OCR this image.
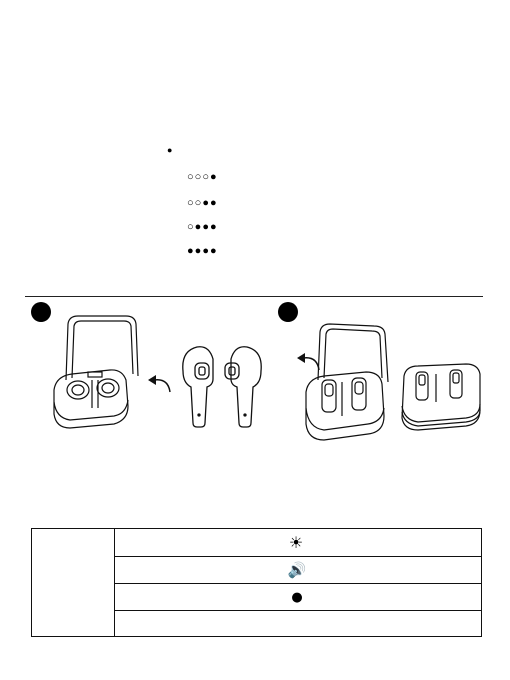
●
○○○●
○○●●
○●●●
●●●●
	☀
🔊
●
